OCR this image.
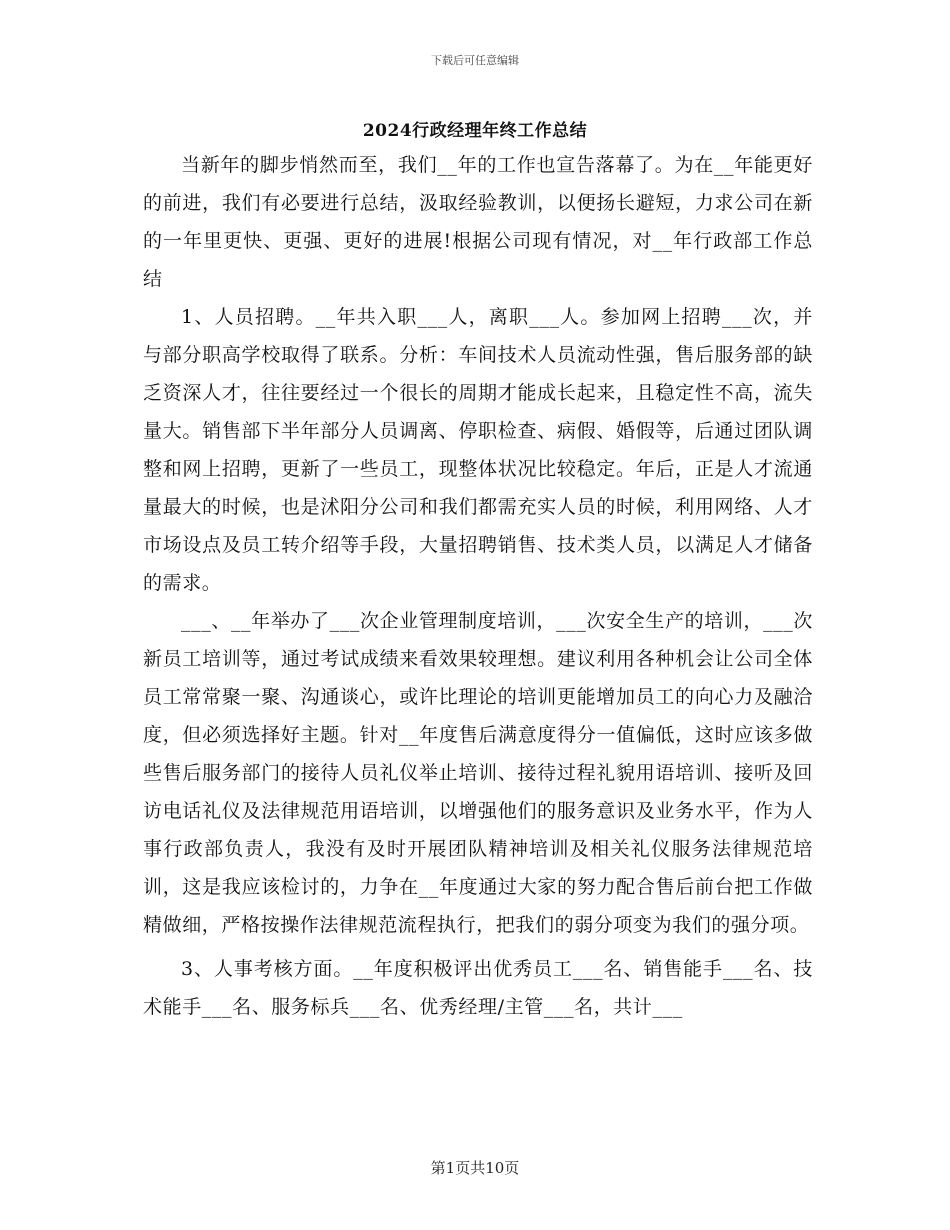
下载后可任意编辑
2024行政经理年终工作总结

当新年的脚步悄然而至，我们__年的工作也宣告落幕了。为在__年能更好的前进，我们有必要进行总结，汲取经验教训，以便扬长避短，力求公司在新的一年里更快、更强、更好的进展!根据公司现有情况，对__年行政部工作总结

1、人员招聘。__年共入职___人，离职___人。参加网上招聘___次，并与部分职高学校取得了联系。分析：车间技术人员流动性强，售后服务部的缺乏资深人才，往往要经过一个很长的周期才能成长起来，且稳定性不高，流失量大。销售部下半年部分人员调离、停职检查、病假、婚假等，后通过团队调整和网上招聘，更新了一些员工，现整体状况比较稳定。年后，正是人才流通量最大的时候，也是沭阳分公司和我们都需充实人员的时候，利用网络、人才市场设点及员工转介绍等手段，大量招聘销售、技术类人员，以满足人才储备的需求。

___、__年举办了___次企业管理制度培训，___次安全生产的培训，___次新员工培训等，通过考试成绩来看效果较理想。建议利用各种机会让公司全体员工常常聚一聚、沟通谈心，或许比理论的培训更能增加员工的向心力及融洽度，但必须选择好主题。针对__年度售后满意度得分一值偏低，这时应该多做些售后服务部门的接待人员礼仪举止培训、接待过程礼貌用语培训、接听及回访电话礼仪及法律规范用语培训，以增强他们的服务意识及业务水平，作为人事行政部负责人，我没有及时开展团队精神培训及相关礼仪服务法律规范培训，这是我应该检讨的，力争在__年度通过大家的努力配合售后前台把工作做精做细，严格按操作法律规范流程执行，把我们的弱分项变为我们的强分项。

3、人事考核方面。__年度积极评出优秀员工___名、销售能手___名、技术能手___名、服务标兵___名、优秀经理/主管___名，共计___

第1页共10页
